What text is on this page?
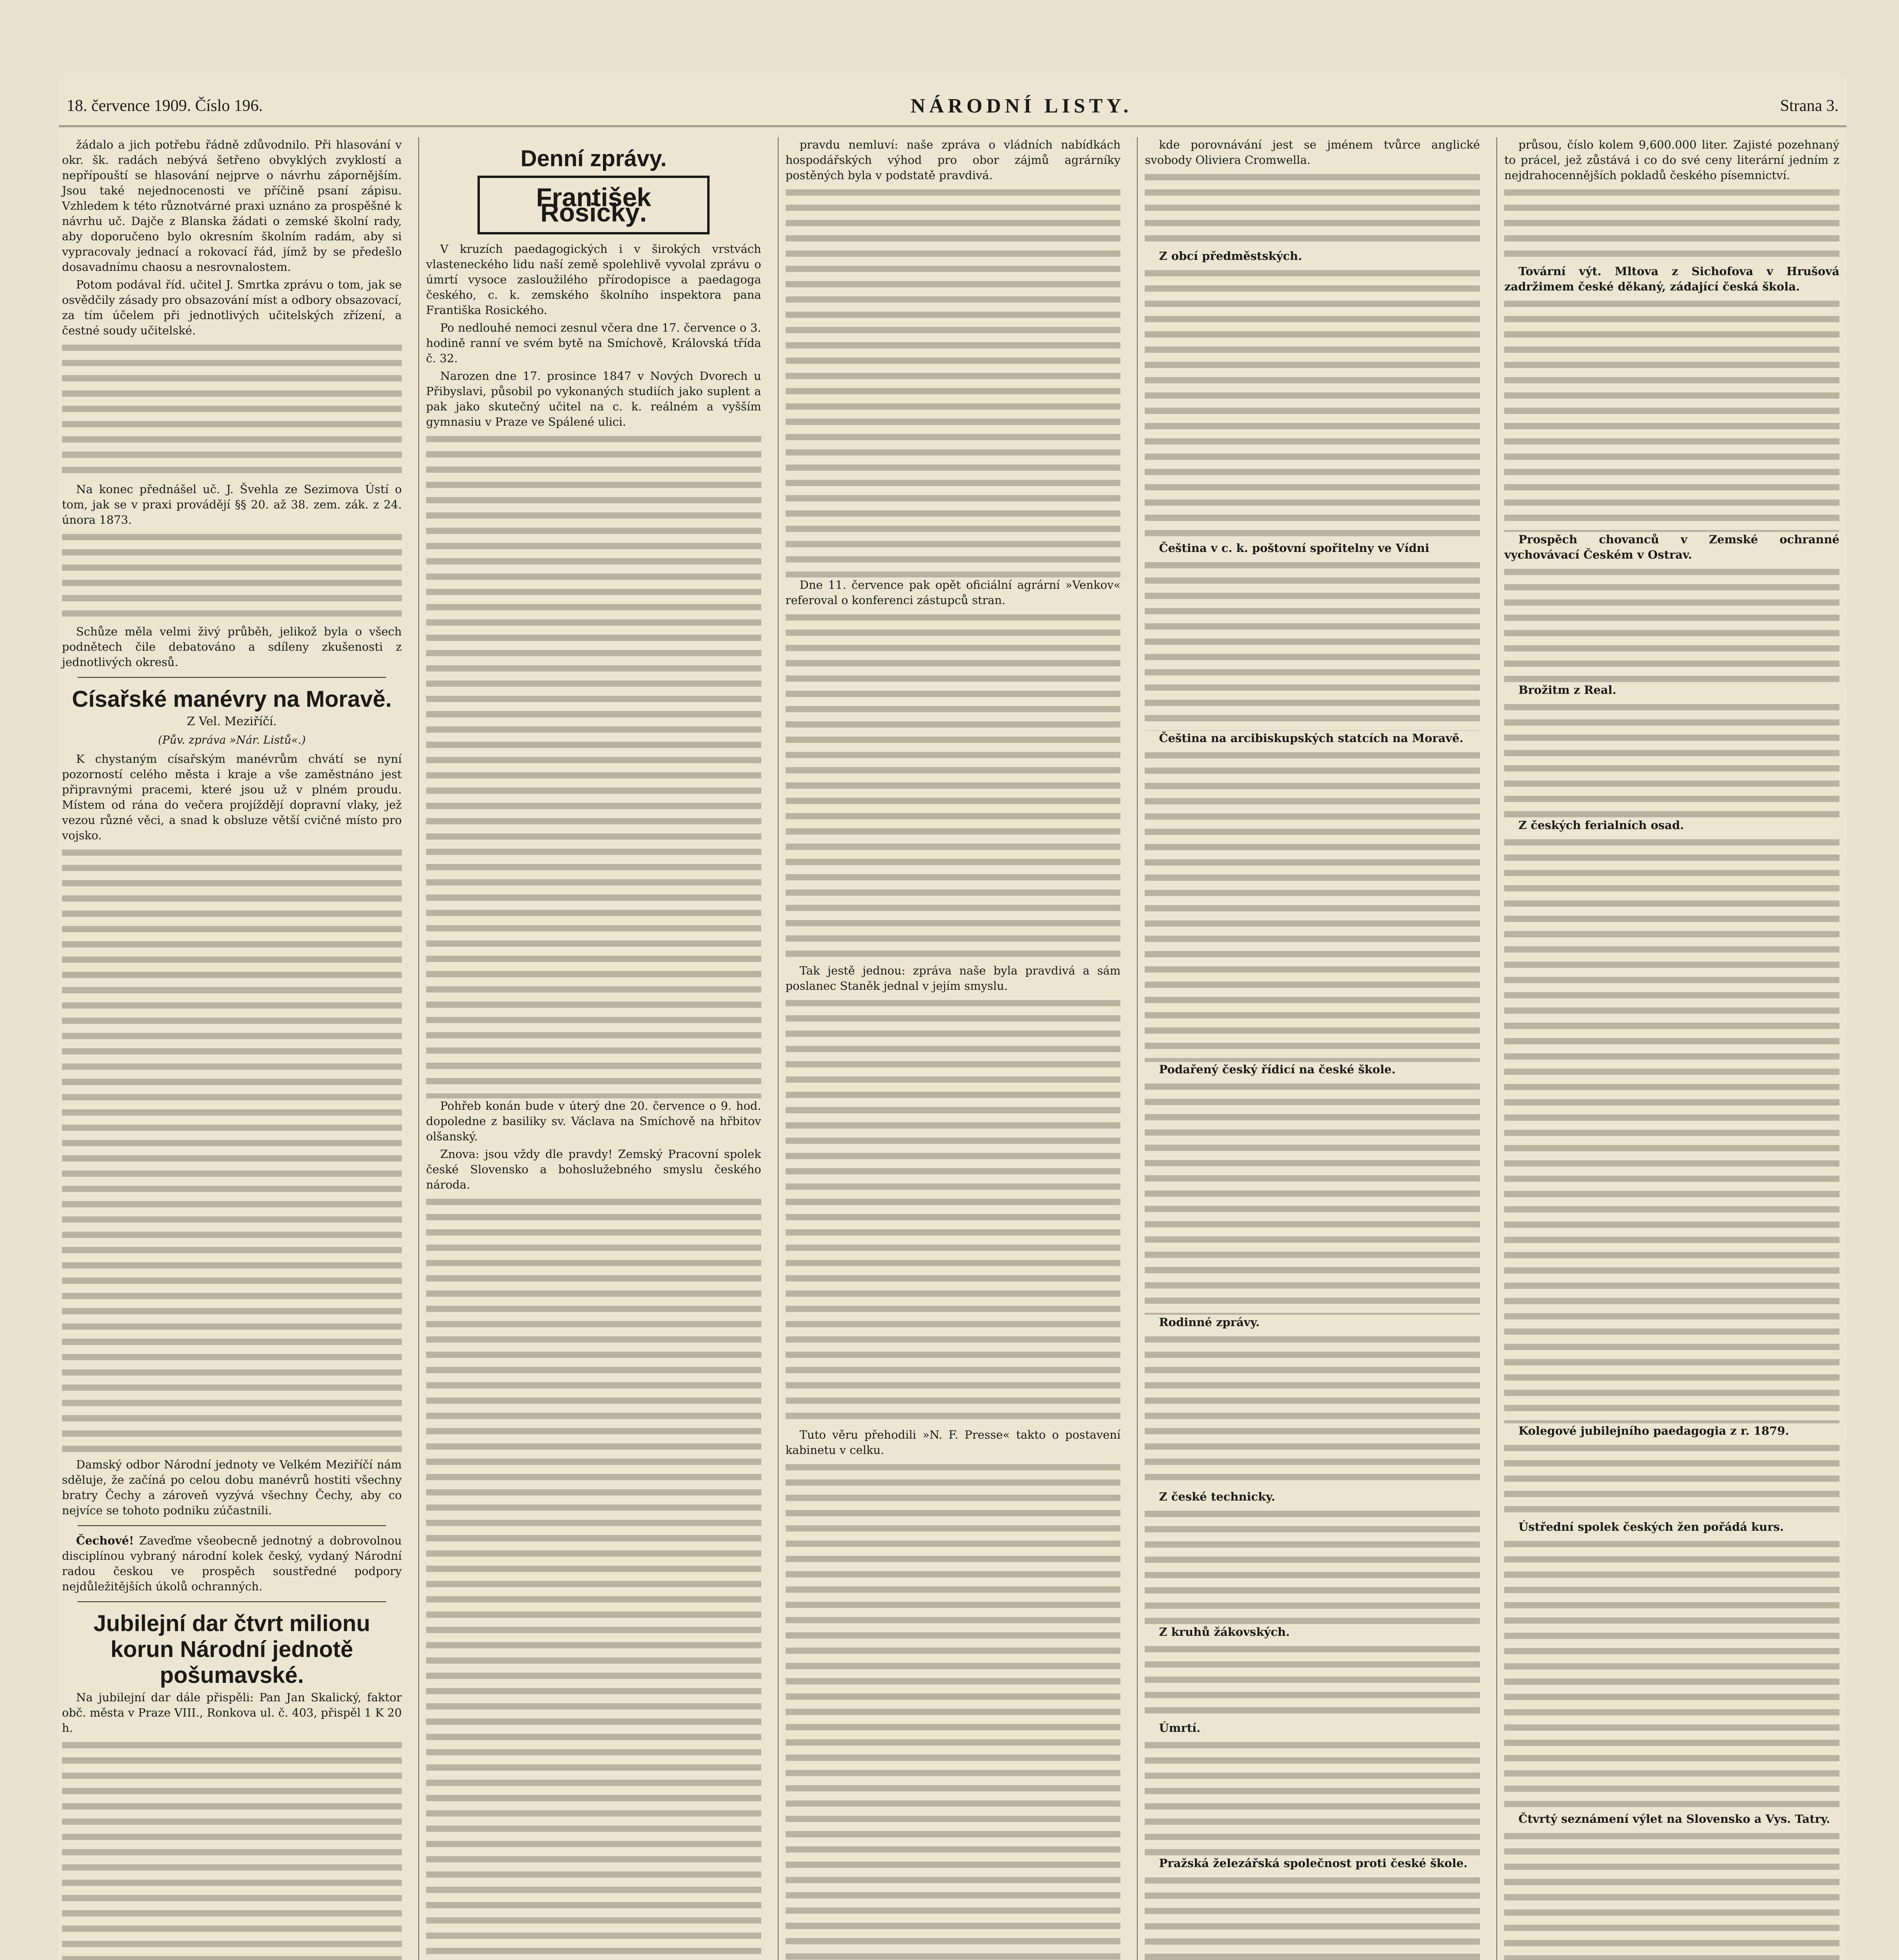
18. července 1909. Číslo 196.	NÁRODNÍ LISTY.	Strana 3.

žádalo a jich potřebu řádně zdůvodnilo. Při hlasování v okr. šk. radách nebývá šetřeno obvyklých zvyklostí a nepřípouští se hlasování nejprve o návrhu zápornějším. Jsou také nejednocenosti ve příčině psaní zápisu. Vzhledem k této různotvárné praxi uznáno za prospěšné k návrhu uč. Dajče z Blanska žádati o zemské školní rady, aby doporučeno bylo okresním školním radám, aby si vypracovaly jednací a rokovací řád, jímž by se předešlo dosavadnímu chaosu a nesrovnalostem.

Potom podával říd. učitel J. Smrtka zprávu o tom, jak se osvědčily zásady pro obsazování míst a odbory obsazovací, za tím účelem při jednotlivých učitelských zřízení, a čestné soudy učitelské.

Na konec přednášel uč. J. Švehla ze Sezimova Ústí o tom, jak se v praxi provádějí §§ 20. až 38. zem. zák. z 24. února 1873.

Schůze měla velmi živý průběh, jelikož byla o všech podnětech čile debatováno a sdíleny zkušenosti z jednotlivých okresů.

Císařské manévry na Moravě.
Z Vel. Meziříčí.
(Pův. zpráva »Nár. Listů«.)

K chystaným císařským manévrům chvátí se nyní pozorností celého města i kraje a vše zaměstnáno jest připravnými pracemi, které jsou už v plném proudu. Místem od rána do večera projíždějí dopravní vlaky, jež vezou různé věci, a snad k obsluze větší cvičné místo pro vojsko.

Damský odbor Národní jednoty ve Velkém Meziříčí nám sděluje, že začíná po celou dobu manévrů hostiti všechny bratry Čechy a zároveň vyzývá všechny Čechy, aby co nejvíce se tohoto podniku zúčastnili.

Čechové! Zaveďme všeobecně jednotný a dobrovolnou disciplínou vybraný národní kolek český, vydaný Národní radou českou ve prospěch soustředné podpory nejdůležitějších úkolů ochranných.

Jubilejní dar čtvrt milionu korun Národní jednotě pošumavské.

Na jubilejní dar dále přispěli: Pan Jan Skalický, faktor obč. města v Praze VIII., Ronkova ul. č. 403, přispěl 1 K 20 h.

Denní zprávy.
František Rosický.

V kruzích paedagogických i v širokých vrstvách vlasteneckého lidu naší země spolehlivě vyvolal zprávu o úmrtí vysoce zasloužilého přírodopisce a paedagoga českého, c. k. zemského školního inspektora pana Františka Rosického.

Po nedlouhé nemoci zesnul včera dne 17. července o 3. hodině ranní ve svém bytě na Smíchově, Královská třída č. 32.

Narozen dne 17. prosince 1847 v Nových Dvorech u Přibyslavi, působil po vykonaných studiích jako suplent a pak jako skutečný učitel na c. k. reálném a vyšším gymnasiu v Praze ve Spálené ulici.

Pohřeb konán bude v úterý dne 20. července o 9. hod. dopoledne z basiliky sv. Václava na Smíchově na hřbitov olšanský.

Znova: jsou vždy dle pravdy! Zemský Pracovní spolek české Slovensko a bohoslužebného smyslu českého národa.

pravdu nemluví: naše zpráva o vládních nabídkách hospodářských výhod pro obor zájmů agrárníky postěných byla v podstatě pravdivá.

Dne 11. července pak opět oficiální agrární »Venkov« referoval o konferenci zástupců stran.

Tak jestě jednou: zpráva naše byla pravdivá a sám poslanec Staněk jednal v jejím smyslu.

Tuto věru přehodili »N. F. Presse« takto o postavení kabinetu v celku.

kde porovnávání jest se jménem tvůrce anglické svobody Oliviera Cromwella.

Z obcí předměstských.

Čeština v c. k. poštovní spořitelny ve Vídni

Čeština na arcibiskupských statcích na Moravě.

Podařený český řídicí na české škole.

Rodinné zprávy.

Z české technicky.

Z kruhů žákovských.

Úmrtí.

Pražská železářská společnost proti české škole.

průsou, číslo kolem 9,600.000 liter. Zajisté pozehnaný to prácel, jež zůstává i co do své ceny literární jedním z nejdrahocennějších pokladů českého písemnictví.

Tovární výt. Mltova z Sichofova v Hrušová zadržimem české děkaný, zádající česká škola.

Prospěch chovanců v Zemské ochranné vychovávací Českém v Ostrav.

Brožitm z Real.

Z českých ferialních osad.

Kolegové jubilejního paedagogia z r. 1879.

Ústřední spolek českých žen pořádá kurs.

Čtvrtý seznámení výlet na Slovensko a Vys. Tatry.
